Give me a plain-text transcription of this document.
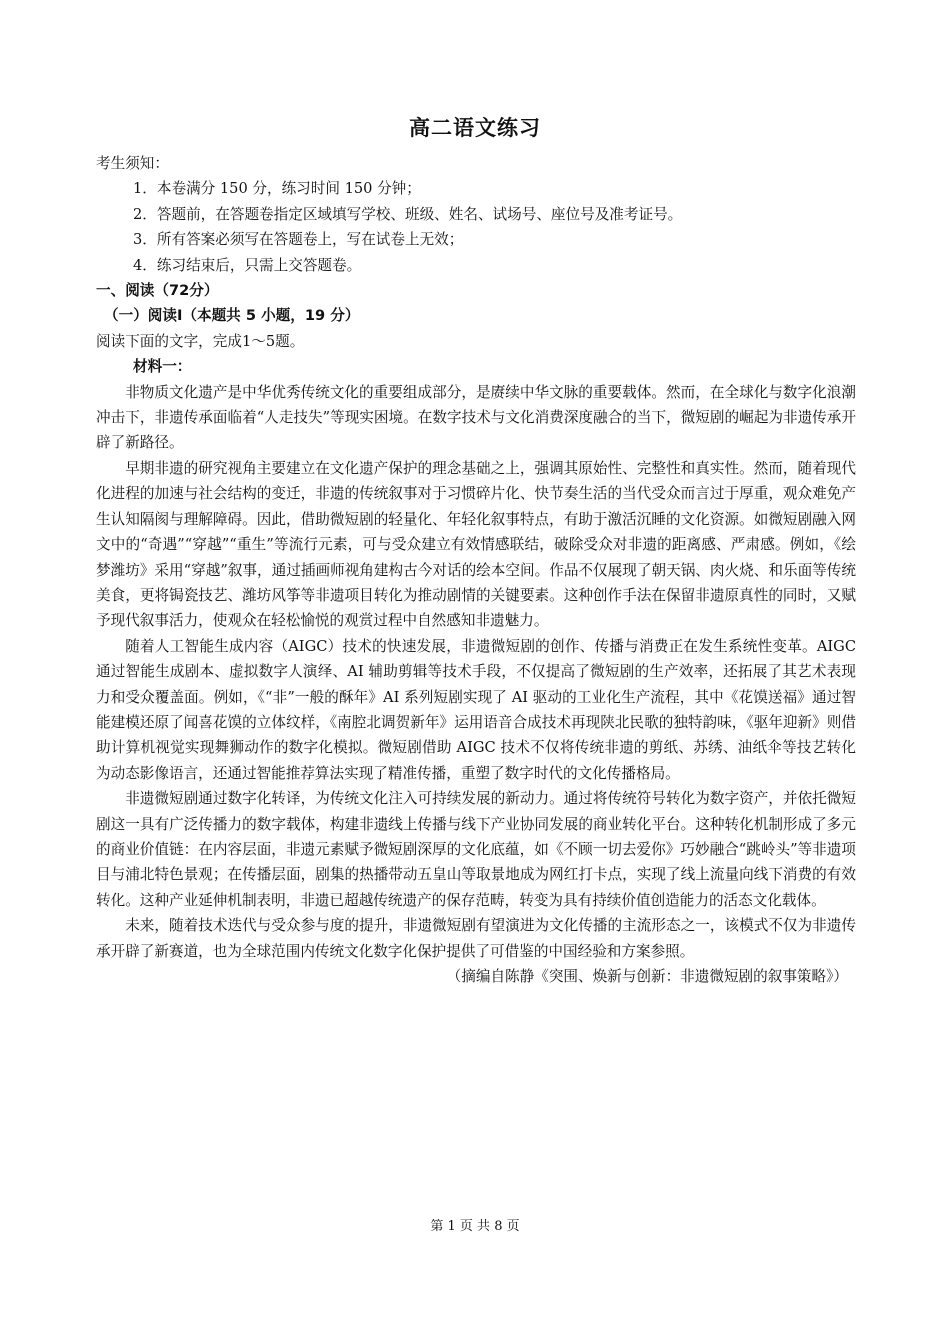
高二语文练习

考生须知：

1．本卷满分 150 分，练习时间 150 分钟；

2．答题前，在答题卷指定区域填写学校、班级、姓名、试场号、座位号及准考证号。

3．所有答案必须写在答题卷上，写在试卷上无效；

4．练习结束后，只需上交答题卷。

一、阅读（72分）

（一）阅读Ⅰ（本题共 5 小题，19 分）

阅读下面的文字，完成1～5题。

材料一：

非物质文化遗产是中华优秀传统文化的重要组成部分，是赓续中华文脉的重要载体。然而，在全球化与数字化浪潮冲击下，非遗传承面临着“人走技失”等现实困境。在数字技术与文化消费深度融合的当下，微短剧的崛起为非遗传承开辟了新路径。

早期非遗的研究视角主要建立在文化遗产保护的理念基础之上，强调其原始性、完整性和真实性。然而，随着现代化进程的加速与社会结构的变迁，非遗的传统叙事对于习惯碎片化、快节奏生活的当代受众而言过于厚重，观众难免产生认知隔阂与理解障碍。因此，借助微短剧的轻量化、年轻化叙事特点，有助于激活沉睡的文化资源。如微短剧融入网文中的“奇遇”“穿越”“重生”等流行元素，可与受众建立有效情感联结，破除受众对非遗的距离感、严肃感。例如，《绘梦潍坊》采用“穿越”叙事，通过插画师视角建构古今对话的绘本空间。作品不仅展现了朝天锅、肉火烧、和乐面等传统美食，更将锔瓷技艺、潍坊风筝等非遗项目转化为推动剧情的关键要素。这种创作手法在保留非遗原真性的同时，又赋予现代叙事活力，使观众在轻松愉悦的观赏过程中自然感知非遗魅力。

随着人工智能生成内容（AIGC）技术的快速发展，非遗微短剧的创作、传播与消费正在发生系统性变革。AIGC 通过智能生成剧本、虚拟数字人演绎、AI 辅助剪辑等技术手段，不仅提高了微短剧的生产效率，还拓展了其艺术表现力和受众覆盖面。例如，《“非”一般的酥年》AI 系列短剧实现了 AI 驱动的工业化生产流程，其中《花馍送福》通过智能建模还原了闻喜花馍的立体纹样，《南腔北调贺新年》运用语音合成技术再现陕北民歌的独特韵味，《驱年迎新》则借助计算机视觉实现舞狮动作的数字化模拟。微短剧借助 AIGC 技术不仅将传统非遗的剪纸、苏绣、油纸伞等技艺转化为动态影像语言，还通过智能推荐算法实现了精准传播，重塑了数字时代的文化传播格局。

非遗微短剧通过数字化转译，为传统文化注入可持续发展的新动力。通过将传统符号转化为数字资产，并依托微短剧这一具有广泛传播力的数字载体，构建非遗线上传播与线下产业协同发展的商业转化平台。这种转化机制形成了多元的商业价值链：在内容层面，非遗元素赋予微短剧深厚的文化底蕴，如《不顾一切去爱你》巧妙融合“跳岭头”等非遗项目与浦北特色景观；在传播层面，剧集的热播带动五皇山等取景地成为网红打卡点，实现了线上流量向线下消费的有效转化。这种产业延伸机制表明，非遗已超越传统遗产的保存范畴，转变为具有持续价值创造能力的活态文化载体。

未来，随着技术迭代与受众参与度的提升，非遗微短剧有望演进为文化传播的主流形态之一，该模式不仅为非遗传承开辟了新赛道，也为全球范围内传统文化数字化保护提供了可借鉴的中国经验和方案参照。

（摘编自陈静《突围、焕新与创新：非遗微短剧的叙事策略》）

第 1 页 共 8 页
